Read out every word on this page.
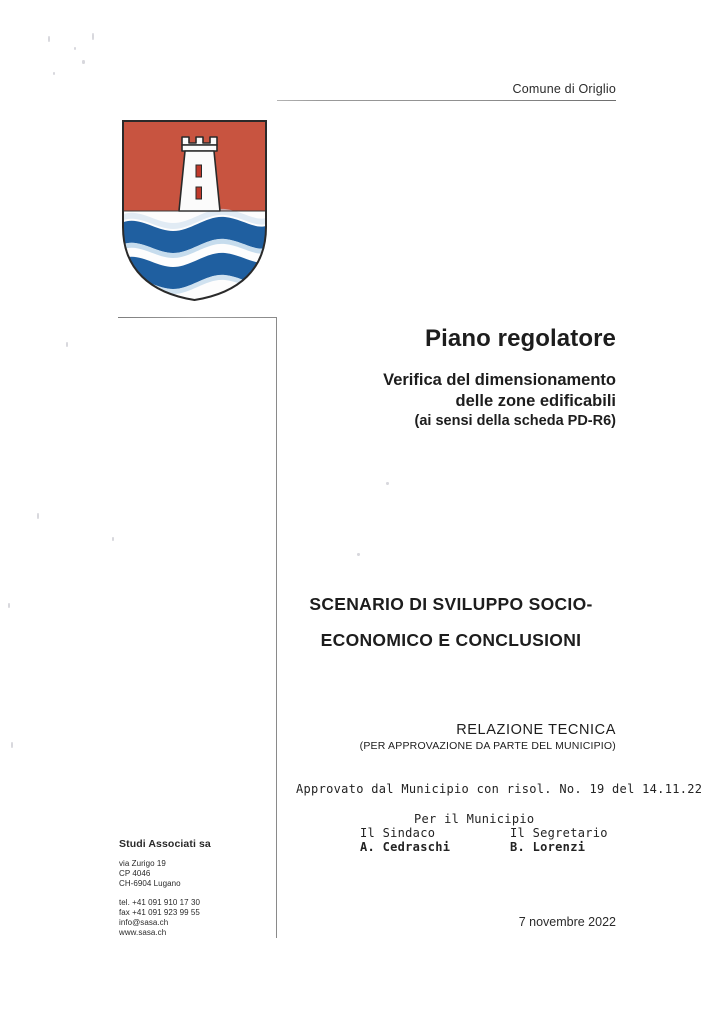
Comune di Origlio
Piano regolatore
Verifica del dimensionamento
delle zone edificabili
(ai sensi della scheda PD-R6)
SCENARIO DI SVILUPPO SOCIO-
ECONOMICO E CONCLUSIONI
RELAZIONE TECNICA
(PER APPROVAZIONE DA PARTE DEL MUNICIPIO)
Approvato dal Municipio con risol. No. 19 del 14.11.22
Per il Municipio
Il Sindaco	Il Segretario
A. Cedraschi	B. Lorenzi
Studi Associati sa
via Zurigo 19
CP 4046
CH-6904 Lugano
tel. +41 091 910 17 30
fax +41 091 923 99 55
info@sasa.ch
www.sasa.ch
7 novembre 2022
